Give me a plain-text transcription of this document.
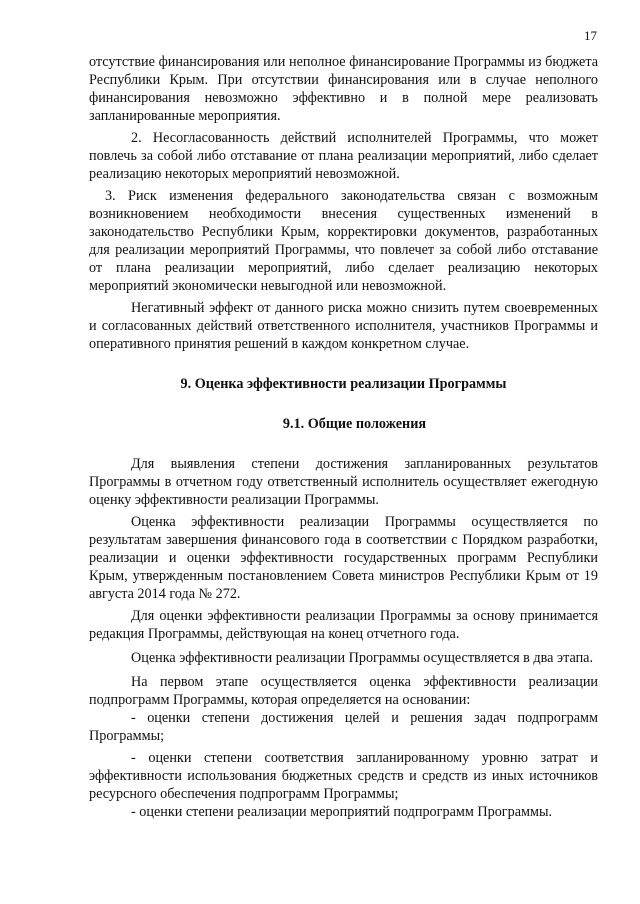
17

отсутствие финансирования или неполное финансирование Программы из бюджета Республики Крым. При отсутствии финансирования или в случае неполного финансирования невозможно эффективно и в полной мере реализовать запланированные мероприятия.

2. Несогласованность действий исполнителей Программы, что может повлечь за собой либо отставание от плана реализации мероприятий, либо сделает реализацию некоторых мероприятий невозможной.

3. Риск изменения федерального законодательства связан с возможным возникновением необходимости внесения существенных изменений в законодательство Республики Крым, корректировки документов, разработанных для реализации мероприятий Программы, что повлечет за собой либо отставание от плана реализации мероприятий, либо сделает реализацию некоторых мероприятий экономически невыгодной или невозможной.

Негативный эффект от данного риска можно снизить путем своевременных и согласованных действий ответственного исполнителя, участников Программы и оперативного принятия решений в каждом конкретном случае.

9. Оценка эффективности реализации Программы
9.1. Общие положения

Для выявления степени достижения запланированных результатов Программы в отчетном году ответственный исполнитель осуществляет ежегодную оценку эффективности реализации Программы.

Оценка эффективности реализации Программы осуществляется по результатам завершения финансового года в соответствии с Порядком разработки, реализации и оценки эффективности государственных программ Республики Крым, утвержденным постановлением Совета министров Республики Крым от 19 августа 2014 года № 272.

Для оценки эффективности реализации Программы за основу принимается редакция Программы, действующая на конец отчетного года.

Оценка эффективности реализации Программы осуществляется в два этапа.

На первом этапе осуществляется оценка эффективности реализации подпрограмм Программы, которая определяется на основании:

- оценки степени достижения целей и решения задач подпрограмм Программы;

- оценки степени соответствия запланированному уровню затрат и эффективности использования бюджетных средств и средств из иных источников ресурсного обеспечения подпрограмм Программы;

- оценки степени реализации мероприятий подпрограмм Программы.
